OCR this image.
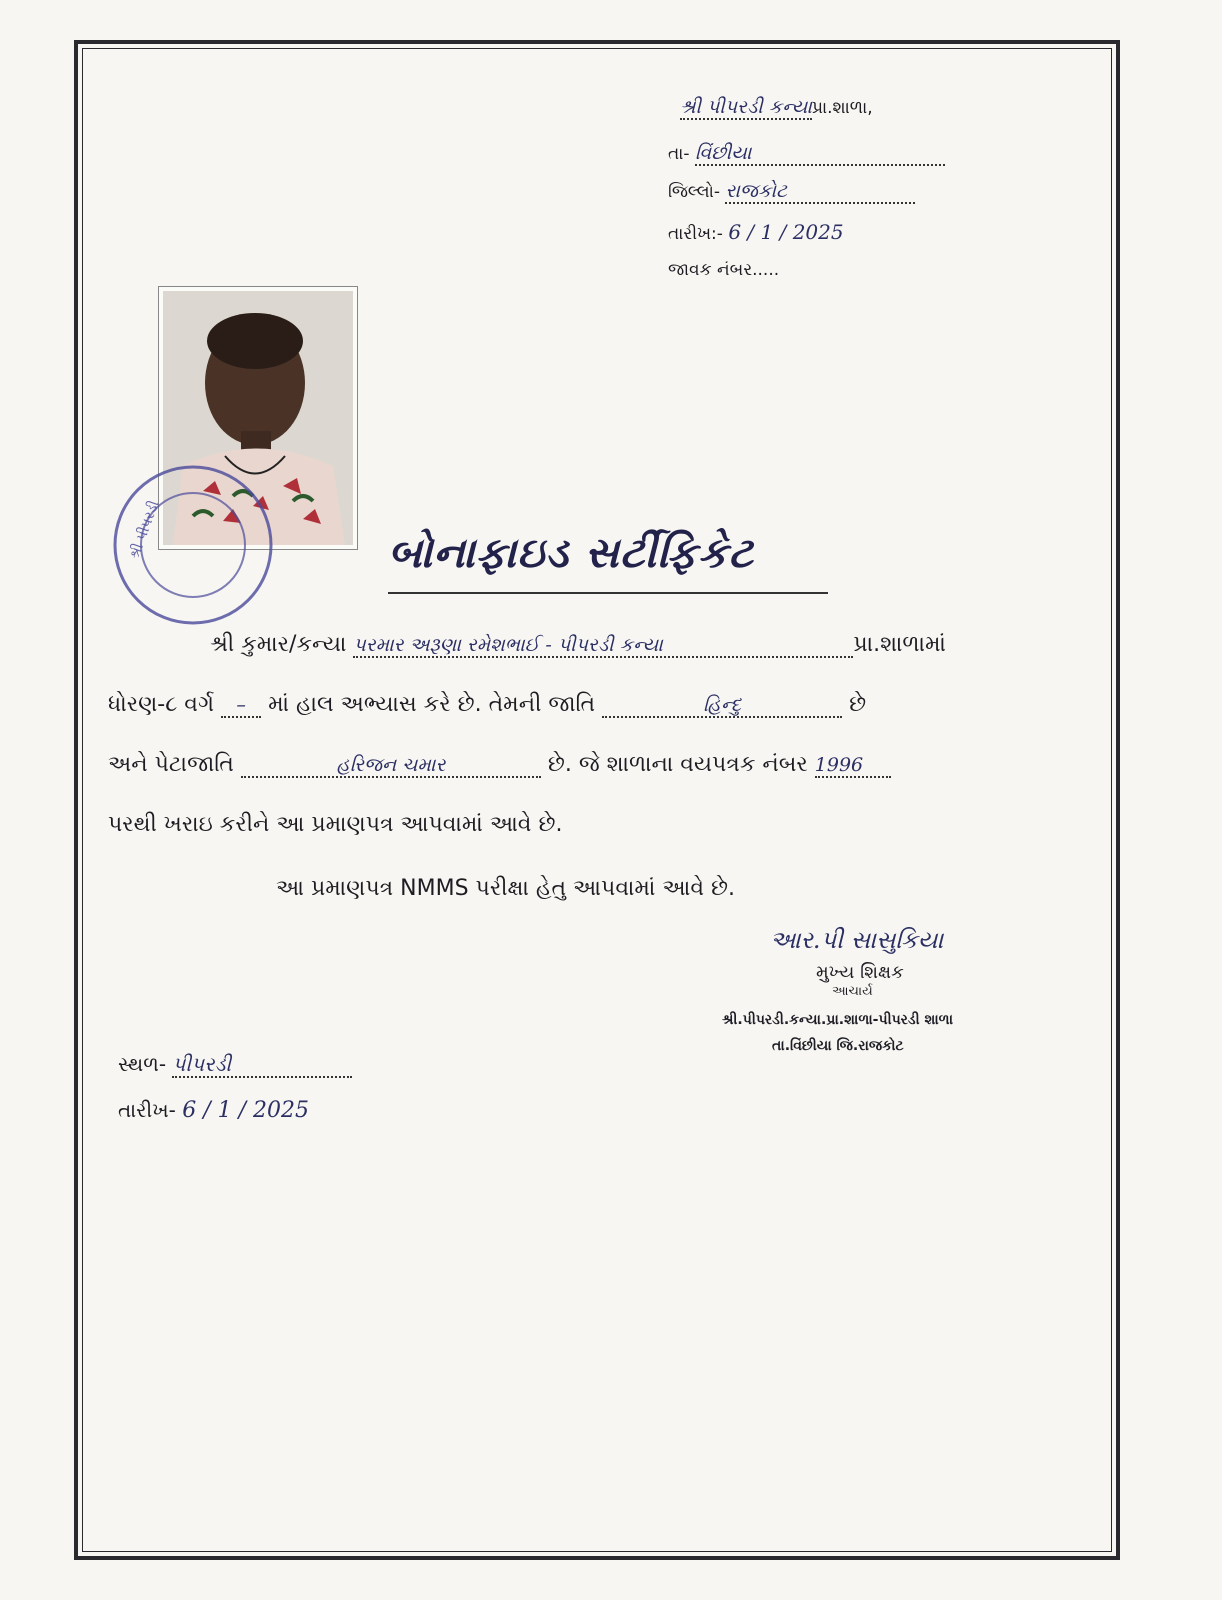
શ્રી પીપરડી કન્યાપ્રા.શાળા,
તા- વિંછીયા
જિલ્લો- રાજકોટ
તારીખ:- 6 / 1 / 2025
જાવક નંબર.....
શ્રી પીપરડી	બોનાફાઇડ સર્ટીફિકેટ
શ્રી કુમાર/કન્યા પરમાર અરૂણા રમેશભાઈ - પીપરડી કન્યા	પ્રા.શાળામાં
ધોરણ-૮ વર્ગ – માં હાલ અભ્યાસ કરે છે. તેમની જાતિ	હિન્દુ	છે
અને પેટાજાતિ	હરિજન ચમાર	છે. જે શાળાના વયપત્રક નંબર 1996
પરથી ખરાઇ કરીને આ પ્રમાણપત્ર આપવામાં આવે છે.
આ પ્રમાણપત્ર NMMS પરીક્ષા હેતુ આપવામાં આવે છે.
આર.પી સાસુકિયા
મુખ્ય શિક્ષક
આચાર્ય
શ્રી.પીપરડી.કન્યા.પ્રા.શાળા-પીપરડી શાળા
તા.વિંછીયા જિ.રાજકોટ
સ્થળ- પીપરડી
તારીખ- 6 / 1 / 2025
